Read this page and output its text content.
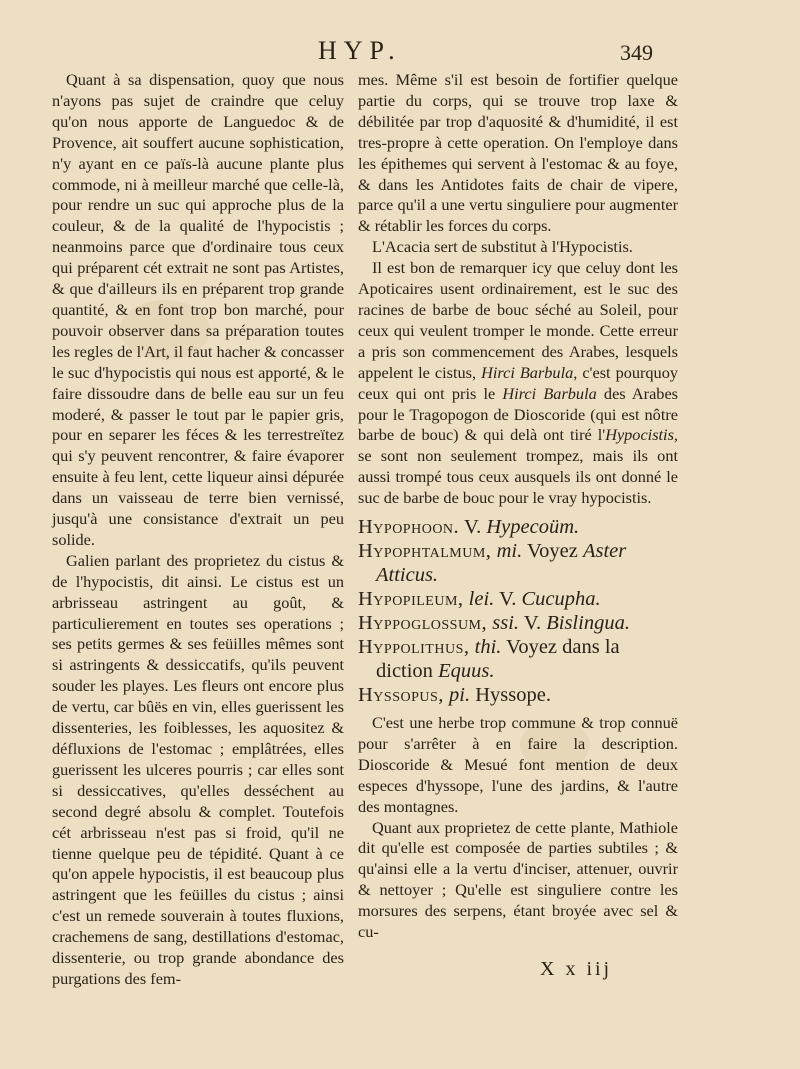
HYP.	349

Quant à sa dispensation, quoy que nous n'ayons pas sujet de craindre que celuy qu'on nous apporte de Languedoc & de Provence, ait souffert aucune sophistication, n'y ayant en ce païs-là aucune plante plus commode, ni à meilleur marché que celle-là, pour rendre un suc qui approche plus de la couleur, & de la qualité de l'hypocistis ; neanmoins parce que d'ordinaire tous ceux qui préparent cét extrait ne sont pas Artistes, & que d'ailleurs ils en préparent trop grande quantité, & en font trop bon marché, pour pouvoir observer dans sa préparation toutes les regles de l'Art, il faut hacher & concasser le suc d'hypocistis qui nous est apporté, & le faire dissoudre dans de belle eau sur un feu moderé, & passer le tout par le papier gris, pour en separer les féces & les terrestreïtez qui s'y peuvent rencontrer, & faire évaporer ensuite à feu lent, cette liqueur ainsi dépurée dans un vaisseau de terre bien vernissé, jusqu'à une consistance d'extrait un peu solide.

Galien parlant des proprietez du cistus & de l'hypocistis, dit ainsi. Le cistus est un arbrisseau astringent au goût, & particulierement en toutes ses operations ; ses petits germes & ses feüilles mêmes sont si astringents & dessiccatifs, qu'ils peuvent souder les playes. Les fleurs ont encore plus de vertu, car bûës en vin, elles guerissent les dissenteries, les foiblesses, les aquositez & défluxions de l'estomac ; emplâtrées, elles guerissent les ulceres pourris ; car elles sont si dessiccatives, qu'elles desséchent au second degré absolu & complet. Toutefois cét arbrisseau n'est pas si froid, qu'il ne tienne quelque peu de tépidité. Quant à ce qu'on appele hypocistis, il est beaucoup plus astringent que les feüilles du cistus ; ainsi c'est un remede souverain à toutes fluxions, crachemens de sang, destillations d'estomac, dissenterie, ou trop grande abondance des purgations des fem-

mes. Même s'il est besoin de fortifier quelque partie du corps, qui se trouve trop laxe & débilitée par trop d'aquosité & d'humidité, il est tres-propre à cette operation. On l'employe dans les épithemes qui servent à l'estomac & au foye, & dans les Antidotes faits de chair de vipere, parce qu'il a une vertu singuliere pour augmenter & rétablir les forces du corps.

L'Acacia sert de substitut à l'Hypocistis.

Il est bon de remarquer icy que celuy dont les Apoticaires usent ordinairement, est le suc des racines de barbe de bouc séché au Soleil, pour ceux qui veulent tromper le monde. Cette erreur a pris son commencement des Arabes, lesquels appelent le cistus, Hirci Barbula, c'est pourquoy ceux qui ont pris le Hirci Barbula des Arabes pour le Tragopogon de Dioscoride (qui est nôtre barbe de bouc) & qui delà ont tiré l'Hypocistis, se sont non seulement trompez, mais ils ont aussi trompé tous ceux ausquels ils ont donné le suc de barbe de bouc pour le vray hypocistis.

Hypophoon. V. Hypecoüm.

Hypophtalmum, mi. Voyez Aster
Atticus.

Hypopileum, lei. V. Cucupha.

Hyppoglossum, ssi. V. Bislingua.

Hyppolithus, thi. Voyez dans la
diction Equus.

Hyssopus, pi. Hyssope.

C'est une herbe trop commune & trop connuë pour s'arrêter à en faire la description. Dioscoride & Mesué font mention de deux especes d'hyssope, l'une des jardins, & l'autre des montagnes.

Quant aux proprietez de cette plante, Mathiole dit qu'elle est composée de parties subtiles ; & qu'ainsi elle a la vertu d'inciser, attenuer, ouvrir & nettoyer ; Qu'elle est singuliere contre les morsures des serpens, étant broyée avec sel & cu-

X x iij
